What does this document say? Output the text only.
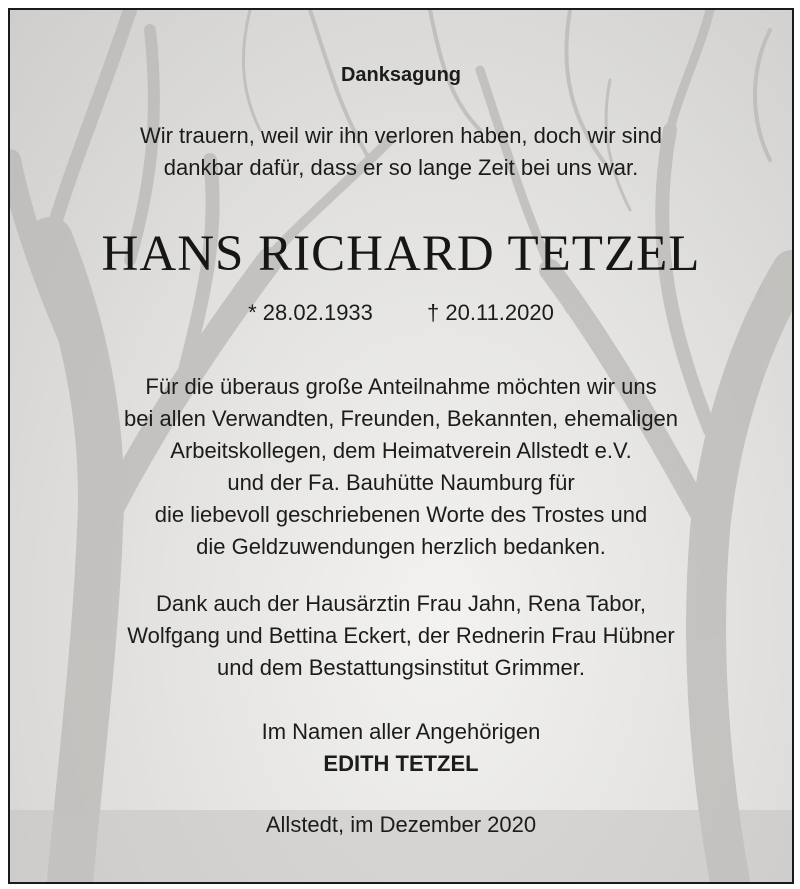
Danksagung
Wir trauern, weil wir ihn verloren haben, doch wir sind
dankbar dafür, dass er so lange Zeit bei uns war.
HANS RICHARD TETZEL
* 28.02.1933 † 20.11.2020
Für die überaus große Anteilnahme möchten wir uns
bei allen Verwandten, Freunden, Bekannten, ehemaligen
Arbeitskollegen, dem Heimatverein Allstedt e.V.
und der Fa. Bauhütte Naumburg für
die liebevoll geschriebenen Worte des Trostes und
die Geldzuwendungen herzlich bedanken.
Dank auch der Hausärztin Frau Jahn, Rena Tabor,
Wolfgang und Bettina Eckert, der Rednerin Frau Hübner
und dem Bestattungsinstitut Grimmer.
Im Namen aller Angehörigen
EDITH TETZEL
Allstedt, im Dezember 2020
